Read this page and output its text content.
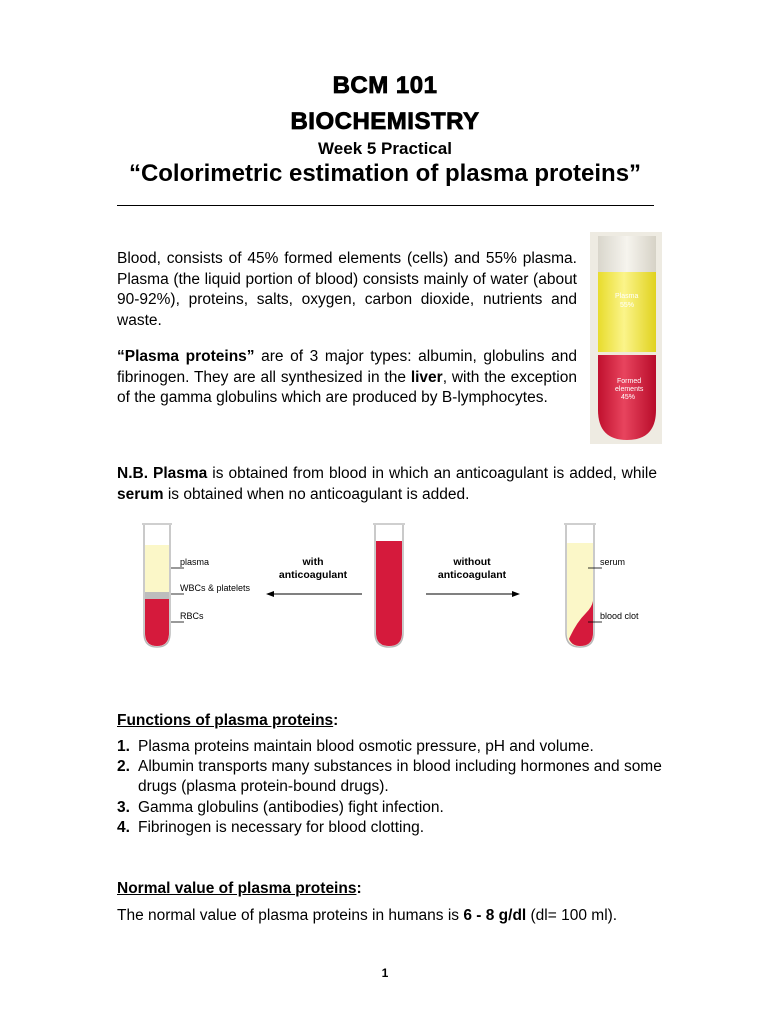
BCM 101
BIOCHEMISTRY
Week 5 Practical
“Colorimetric estimation of plasma proteins”

Blood, consists of 45% formed elements (cells) and 55% plasma. Plasma (the liquid portion of blood) consists mainly of water (about 90-92%), proteins, salts, oxygen, carbon dioxide, nutrients and waste.

“Plasma proteins” are of 3 major types: albumin, globulins and fibrinogen. They are all synthesized in the liver, with the exception of the gamma globulins which are produced by B-lymphocytes.

Plasma
55%
Formed
elements
45%

N.B. Plasma is obtained from blood in which an anticoagulant is added, while serum is obtained when no anticoagulant is added.

plasma
WBCs & platelets
RBCs
with
anticoagulant
without
anticoagulant
serum
blood clot
Functions of plasma proteins:
1. Plasma proteins maintain blood osmotic pressure, pH and volume.
2. Albumin transports many substances in blood including hormones and some drugs (plasma protein-bound drugs).
3. Gamma globulins (antibodies) fight infection.
4. Fibrinogen is necessary for blood clotting.
Normal value of plasma proteins:

The normal value of plasma proteins in humans is 6 - 8 g/dl (dl= 100 ml).

1
